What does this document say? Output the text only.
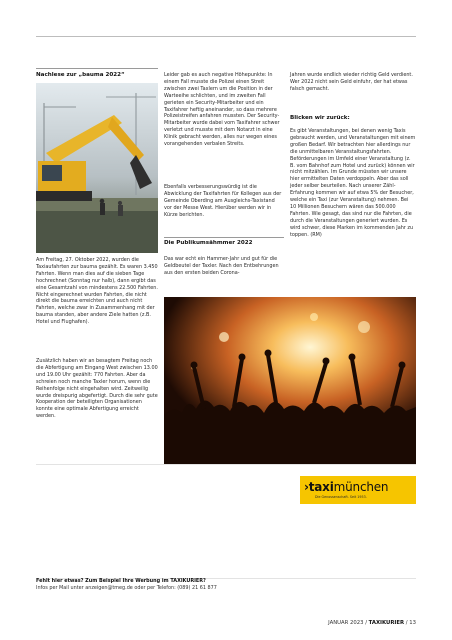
Nachlese zur „bauma 2022“
Am Freitag, 27. Oktober 2022, wurden die Taxiaufahrten zur bauma gezählt. Es waren 3.450 Fahrten. Wenn man dies auf die sieben Tage hochrechnet (Sonntag nur halb), dann ergibt das eine Gesamtzahl von mindestens 22.500 Fahrten. Nicht eingerechnet wurden Fahrten, die nicht direkt die bauma erreichten und auch nicht Fahrten, welche zwar in Zusammenhang mit der bauma standen, aber andere Ziele hatten (z.B. Hotel und Flughafen).
Zusätzlich haben wir an besagtem Freitag noch die Abfertigung am Eingang West zwischen 13.00 und 19.00 Uhr gezählt: 770 Fahrten. Aber da schreien noch manche Taxler horum, wenn die Reihenfolge nicht eingehalten wird. Zeitweilig wurde dreispurig abgefertigt. Durch die sehr gute Kooperation der beteiligten Organisationen konnte eine optimale Abfertigung erreicht werden.
Leider gab es auch negative Höhepunkte: In einem Fall musste die Polizei einen Streit zwischen zwei Taxlern um die Position in der Warteeihe schlichten, und im zweiten Fall gerieten ein Security-Mitarbeiter und ein Taxifahrer heftig aneinander, so dass mehrere Polizeistreifen anfahren mussten. Der Security-Mitarbeiter wurde dabei vom Taxifahrer schwer verletzt und musste mit dem Notarzt in eine Klinik gebracht werden, alles nur wegen eines vorangehenden verbalen Streits.
Ebenfalls verbesserungswürdig ist die Abwicklung der Taxifahrten für Kollegen aus der Gemeinde Oberding am Ausgleichs-Taxistand vor der Messe West. Hierüber werden wir in Kürze berichten.
Die Publikumsähmmer 2022
Das war echt ein Hammer-Jahr und gut für die Geldbeutel der Taxler. Nach den Entbehrungen aus den ersten beiden Corona-
Jahren wurde endlich wieder richtig Geld verdient. Wer 2022 nicht sein Geld einfuhr, der hat etwas falsch gemacht.
Blicken wir zurück:
Es gibt Veranstaltungen, bei denen wenig Taxis gebraucht werden, und Veranstaltungen mit einem großen Bedarf. Wir betrachten hier allerdings nur die unmittelbaren Veranstaltungsfahrten. Beförderungen im Umfeld einer Veranstaltung (z. B. vom Bahnhof zum Hotel und zurück) können wir nicht mitzählen. Im Grunde müssten wir unsere hier ermittelten Daten verdoppeln. Aber das soll jeder selber beurteilen. Nach unserer Zähl-Erfahrung kommen wir auf etwa 5% der Besucher, welche ein Taxi (zur Veranstaltung) nehmen. Bei 10 Millionen Besuchern wären das 500.000 Fahrten. Wie gesagt, das sind nur die Fahrten, die durch die Veranstaltungen generiert wurden. Es wird schwer, diese Marken im kommenden Jahr zu toppen. (RM)
›taximünchen
Die Genossenschaft. Seit 1953.
Fehlt hier etwas? Zum Beispiel Ihre Werbung im TAXIKURIER?
Infos per Mail unter anzeigen@tmeg.de oder per Telefon: (089) 21 61 877
JANUAR 2023 / TAXIKURIER / 13
